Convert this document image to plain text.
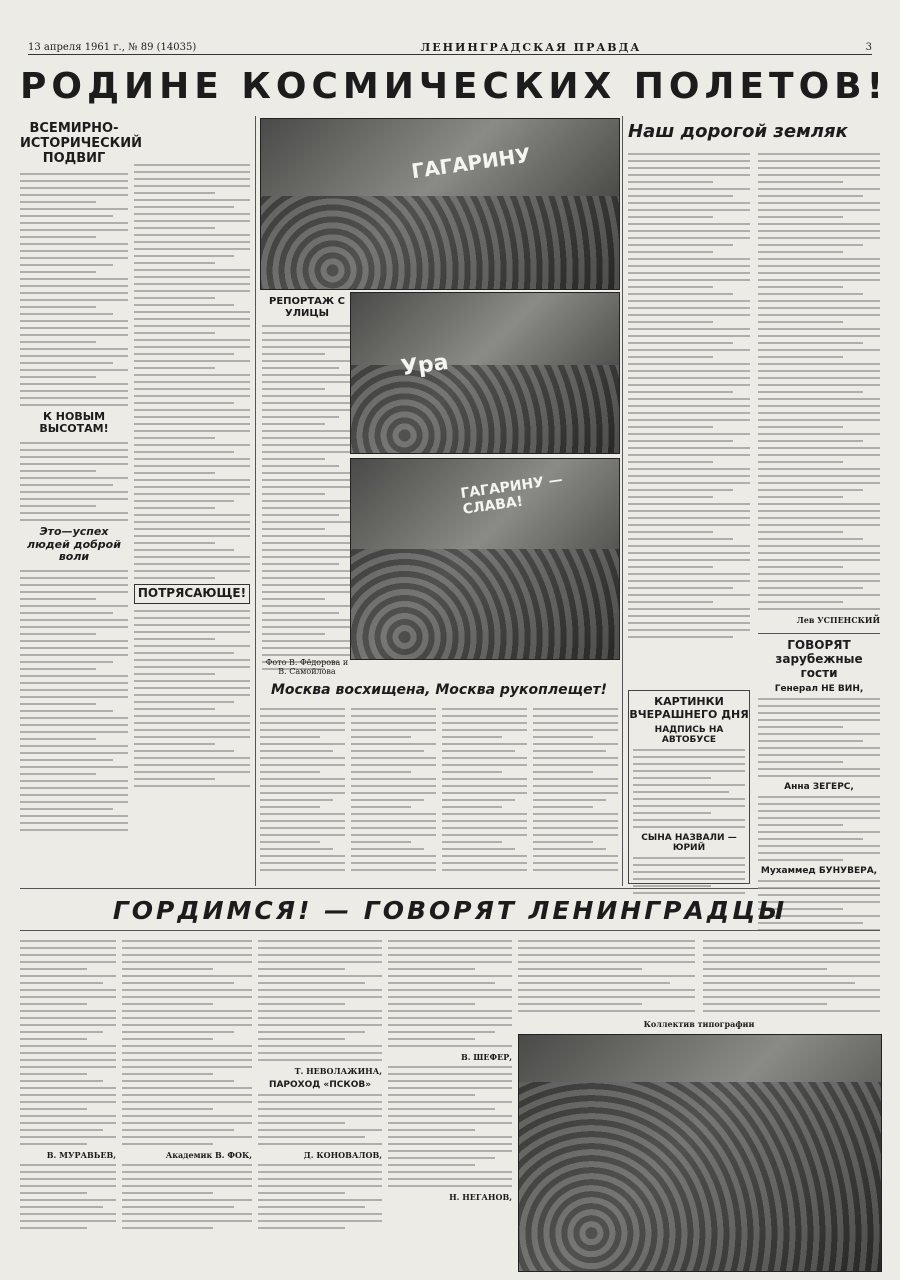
13 апреля 1961 г., № 89 (14035)	ЛЕНИНГРАДСКАЯ ПРАВДА	3
РОДИНЕ КОСМИЧЕСКИХ ПОЛЕТОВ!
ВСЕМИРНО-ИСТОРИЧЕСКИЙ ПОДВИГ
К НОВЫМ ВЫСОТАМ!
Это—успех людей доброй воли
ПОТРЯСАЮЩЕ!
ГАГАРИНУ
РЕПОРТАЖ С УЛИЦЫ
Ура
ГАГАРИНУ — СЛАВА!
Фото В. Фёдорова и В. Самойлова
Наш дорогой земляк
Лев УСПЕНСКИЙ
ГОВОРЯТ зарубежные гости
Генерал НЕ ВИН,
Анна ЗЕГЕРС,
Мухаммед БУНУВЕРА,
Москва восхищена, Москва рукоплещет!
КАРТИНКИ ВЧЕРАШНЕГО ДНЯ
НАДПИСЬ НА АВТОБУСЕ
СЫНА НАЗВАЛИ — ЮРИЙ
ГОРДИМСЯ! — ГОВОРЯТ ЛЕНИНГРАДЦЫ
В. МУРАВЬЕВ,	Академик В. ФОК,
Т. НЕВОЛАЖИНА,
ПАРОХОД «ПСКОВ»
Д. КОНОВАЛОВ,
В. ШЕФЕР,
Н. НЕГАНОВ,
Коллектив типографии
